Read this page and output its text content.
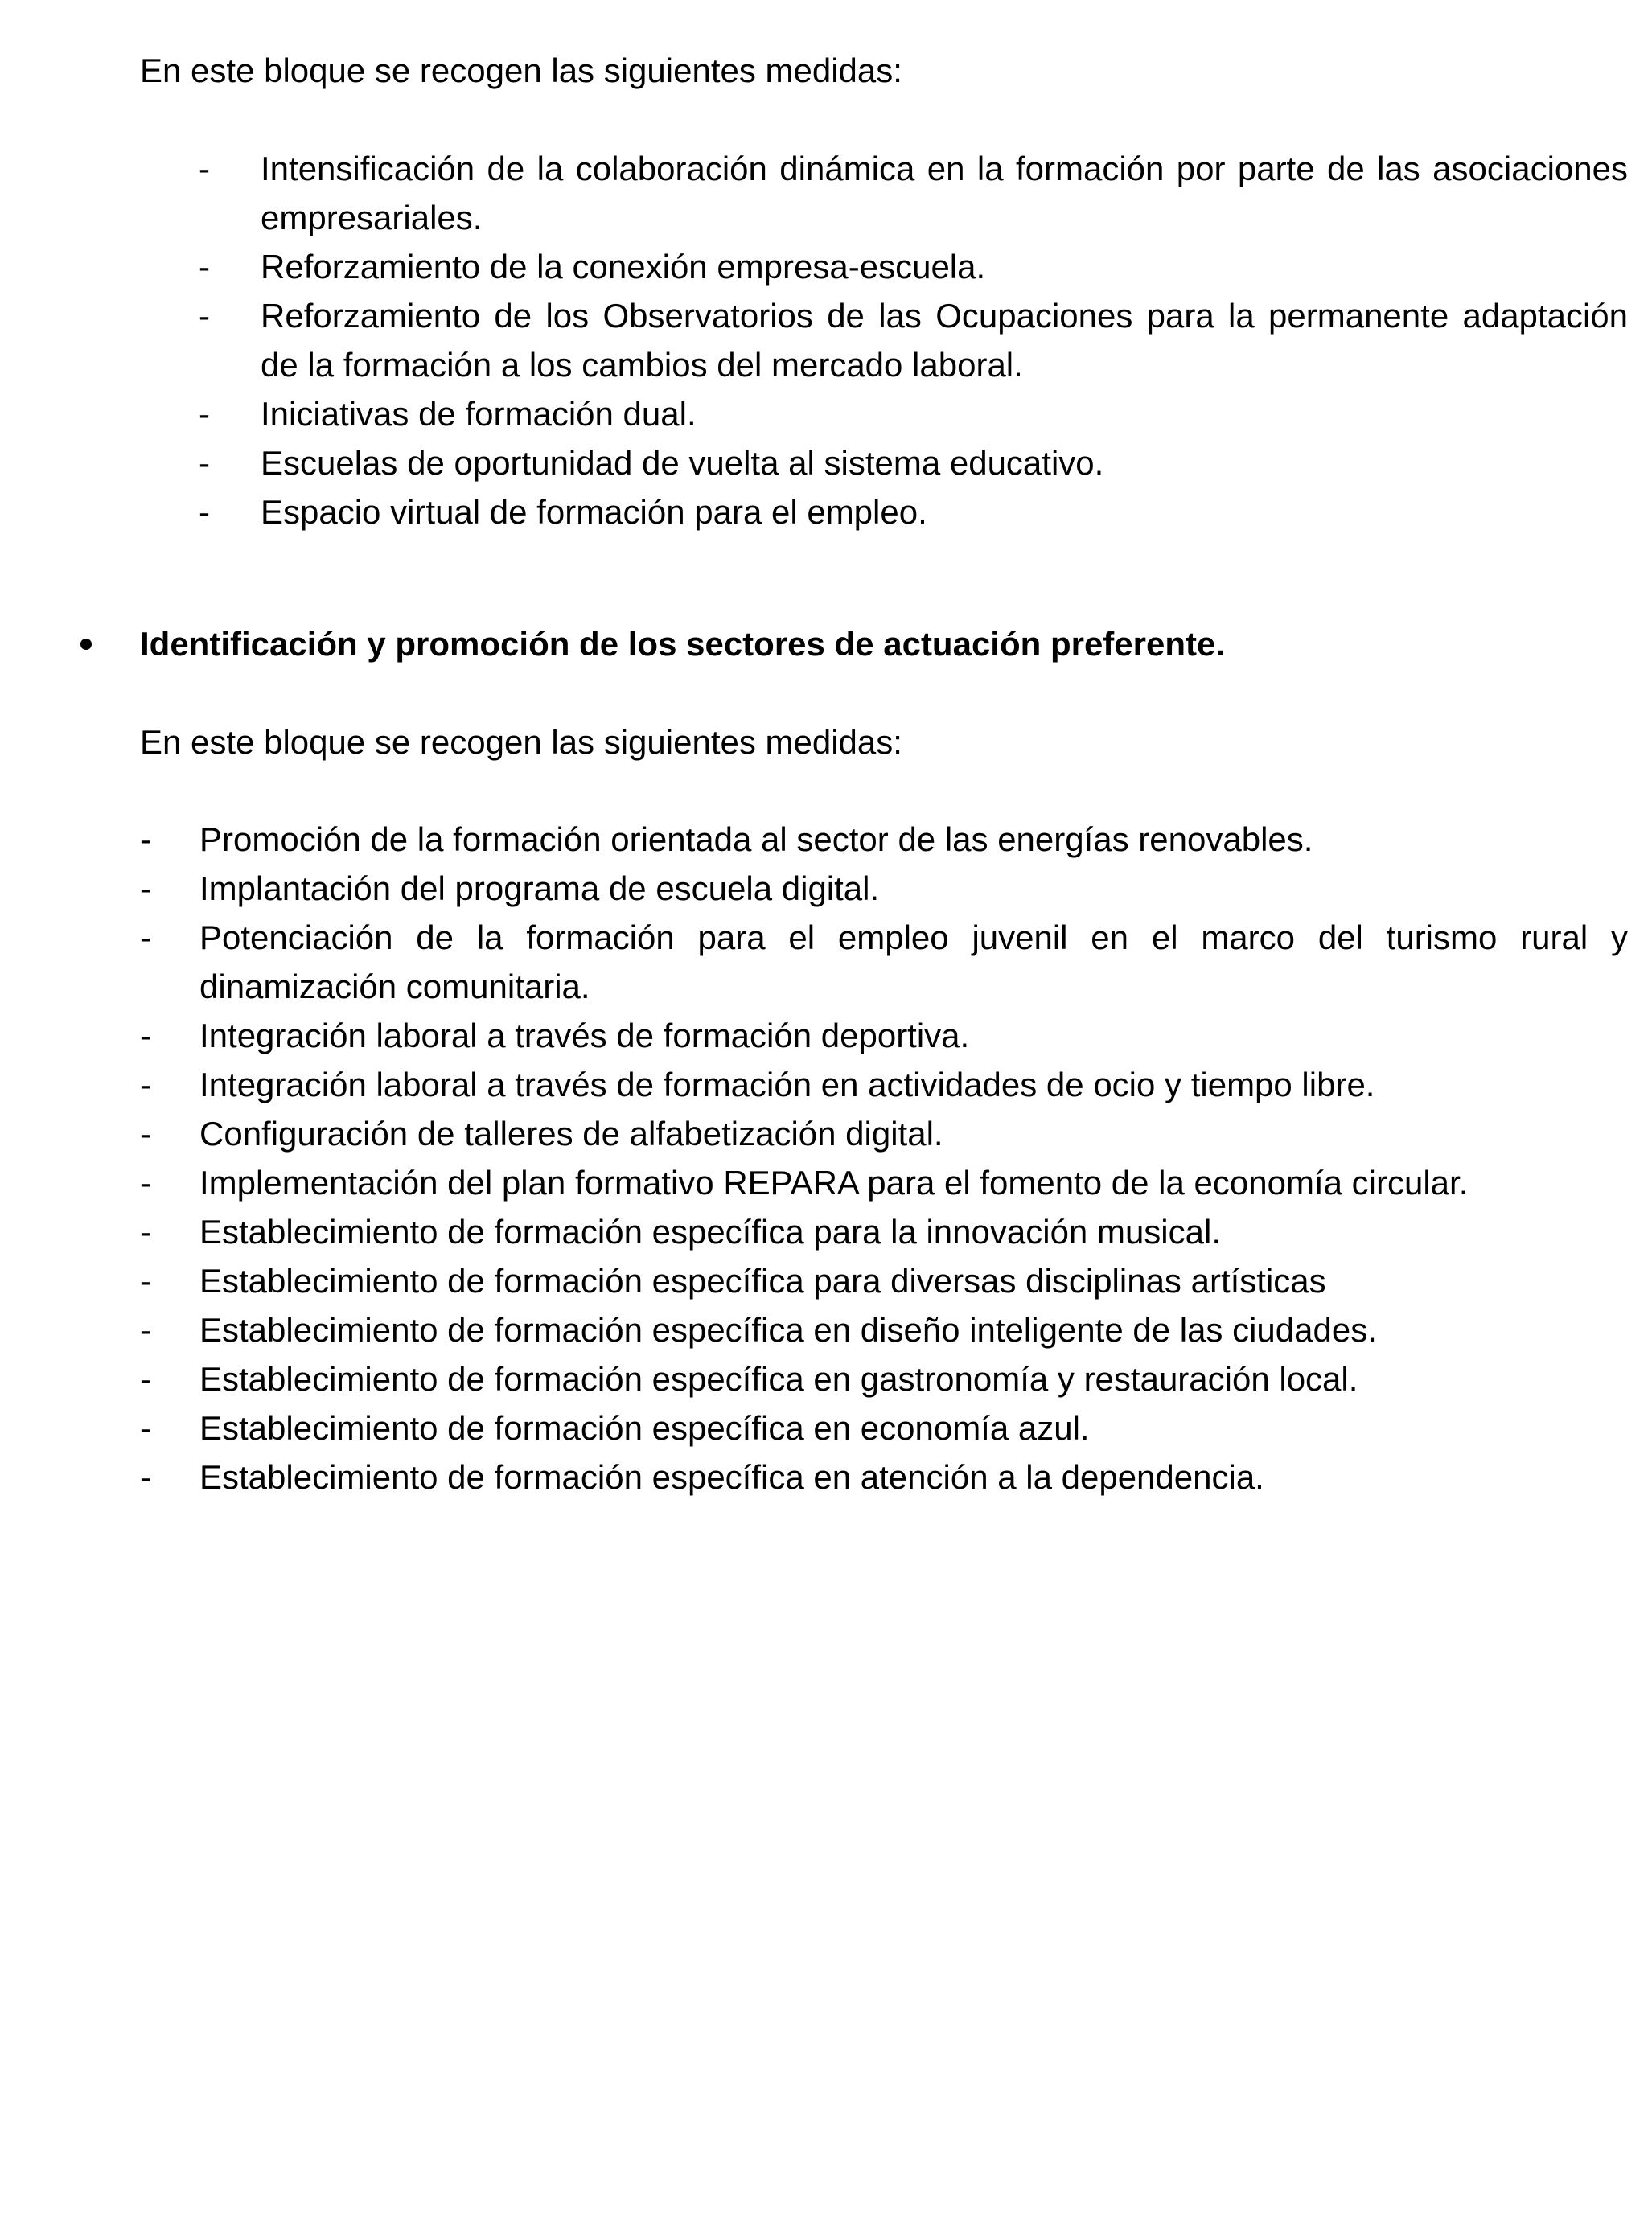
En este bloque se recogen las siguientes medidas:

- Intensificación de la colaboración dinámica en la formación por parte de las asociaciones empresariales.
- Reforzamiento de la conexión empresa-escuela.
- Reforzamiento de los Observatorios de las Ocupaciones para la permanente adaptación de la formación a los cambios del mercado laboral.
- Iniciativas de formación dual.
- Escuelas de oportunidad de vuelta al sistema educativo.
- Espacio virtual de formación para el empleo.
Identificación y promoción de los sectores de actuación preferente.

En este bloque se recogen las siguientes medidas:

- Promoción de la formación orientada al sector de las energías renovables.
- Implantación del programa de escuela digital.
- Potenciación de la formación para el empleo juvenil en el marco del turismo rural y dinamización comunitaria.
- Integración laboral a través de formación deportiva.
- Integración laboral a través de formación en actividades de ocio y tiempo libre.
- Configuración de talleres de alfabetización digital.
- Implementación del plan formativo REPARA para el fomento de la economía circular.
- Establecimiento de formación específica para la innovación musical.
- Establecimiento de formación específica para diversas disciplinas artísticas
- Establecimiento de formación específica en diseño inteligente de las ciudades.
- Establecimiento de formación específica en gastronomía y restauración local.
- Establecimiento de formación específica en economía azul.
- Establecimiento de formación específica en atención a la dependencia.
